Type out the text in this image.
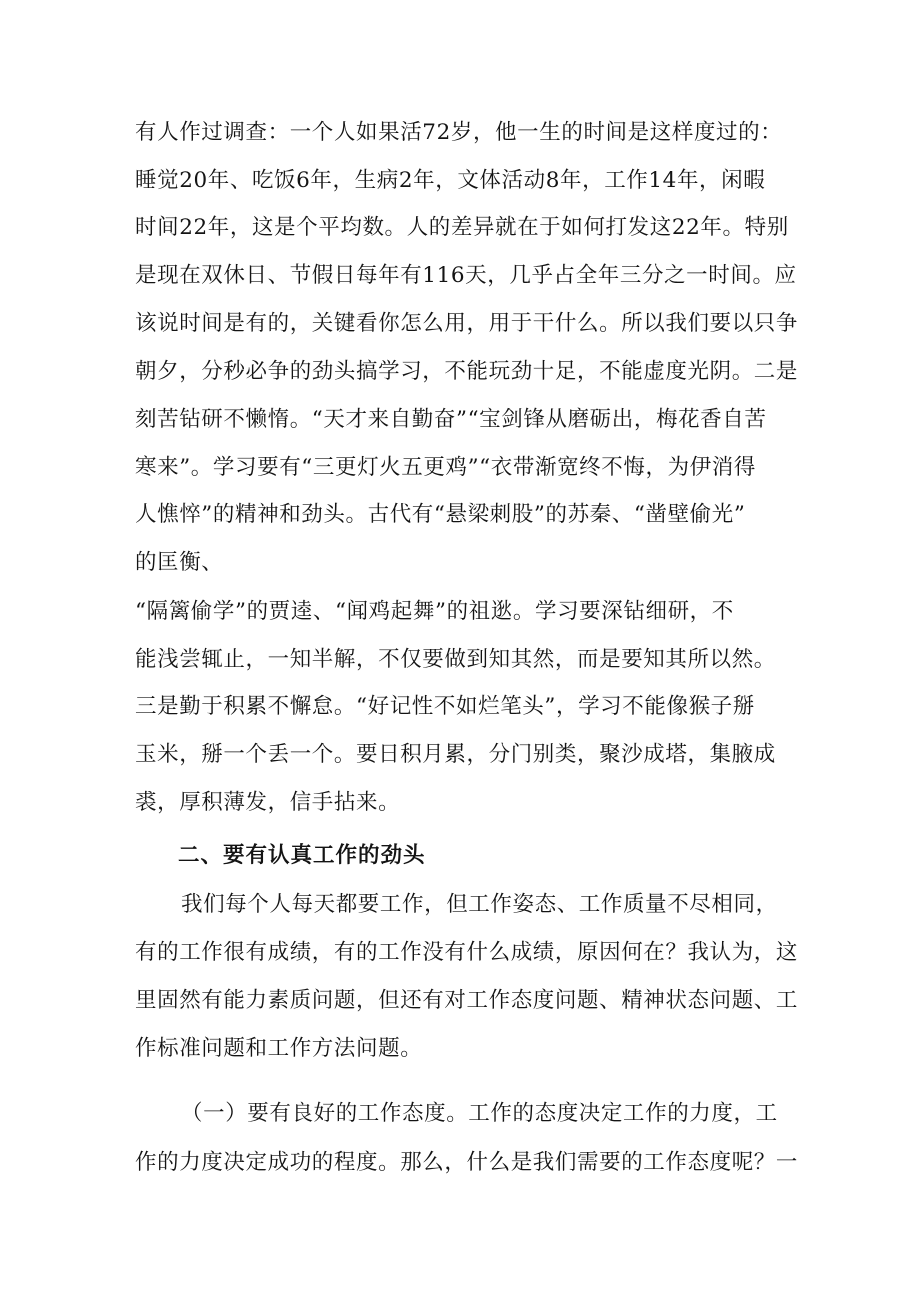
有人作过调查：一个人如果活72岁，他一生的时间是这样度过的：

睡觉20年、吃饭6年，生病2年，文体活动8年，工作14年，闲暇

时间22年，这是个平均数。人的差异就在于如何打发这22年。特别

是现在双休日、节假日每年有116天，几乎占全年三分之一时间。应

该说时间是有的，关键看你怎么用，用于干什么。所以我们要以只争

朝夕，分秒必争的劲头搞学习，不能玩劲十足，不能虚度光阴。二是

刻苦钻研不懒惰。“天才来自勤奋”“宝剑锋从磨砺出，梅花香自苦

寒来”。学习要有“三更灯火五更鸡”“衣带渐宽终不悔，为伊消得

人憔悴”的精神和劲头。古代有“悬梁刺股”的苏秦、“凿壁偷光”

的匡衡、

“隔篱偷学”的贾逵、“闻鸡起舞”的祖逖。学习要深钻细研，不

能浅尝辄止，一知半解，不仅要做到知其然，而是要知其所以然。

三是勤于积累不懈怠。“好记性不如烂笔头”，学习不能像猴子掰

玉米，掰一个丢一个。要日积月累，分门别类，聚沙成塔，集腋成

裘，厚积薄发，信手拈来。

二、要有认真工作的劲头

我们每个人每天都要工作，但工作姿态、工作质量不尽相同，

有的工作很有成绩，有的工作没有什么成绩，原因何在？我认为，这

里固然有能力素质问题，但还有对工作态度问题、精神状态问题、工

作标准问题和工作方法问题。

（一）要有良好的工作态度。工作的态度决定工作的力度，工

作的力度决定成功的程度。那么，什么是我们需要的工作态度呢？一
